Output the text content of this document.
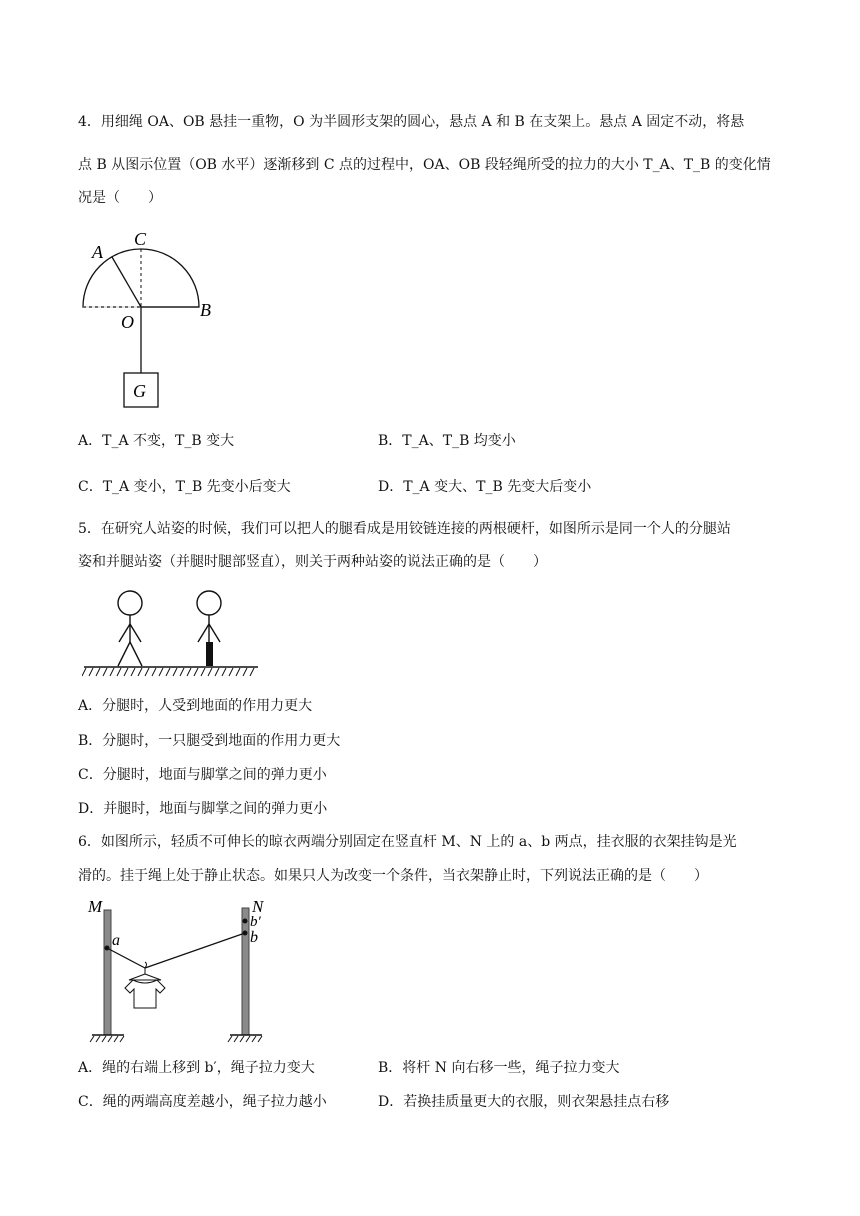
4．用细绳 OA、OB 悬挂一重物，O 为半圆形支架的圆心，悬点 A 和 B 在支架上。悬点 A 固定不动，将悬
点 B 从图示位置（OB 水平）逐渐移到 C 点的过程中，OA、OB 段轻绳所受的拉力的大小 T_A、T_B 的变化情
况是（　　）
A
C
O
B
G
A．T_A 不变，T_B 变大	B．T_A、T_B 均变小
C．T_A 变小，T_B 先变小后变大	D．T_A 变大、T_B 先变大后变小
5．在研究人站姿的时候，我们可以把人的腿看成是用铰链连接的两根硬杆，如图所示是同一个人的分腿站
姿和并腿站姿（并腿时腿部竖直），则关于两种站姿的说法正确的是（　　）
A．分腿时，人受到地面的作用力更大
B．分腿时，一只腿受到地面的作用力更大
C．分腿时，地面与脚掌之间的弹力更小
D．并腿时，地面与脚掌之间的弹力更小
6．如图所示，轻质不可伸长的晾衣两端分别固定在竖直杆 M、N 上的 a、b 两点，挂衣服的衣架挂钩是光
滑的。挂于绳上处于静止状态。如果只人为改变一个条件，当衣架静止时，下列说法正确的是（　　）
M	N
a
b′
b
A．绳的右端上移到 b′，绳子拉力变大	B．将杆 N 向右移一些，绳子拉力变大
C．绳的两端高度差越小，绳子拉力越小	D．若换挂质量更大的衣服，则衣架悬挂点右移
